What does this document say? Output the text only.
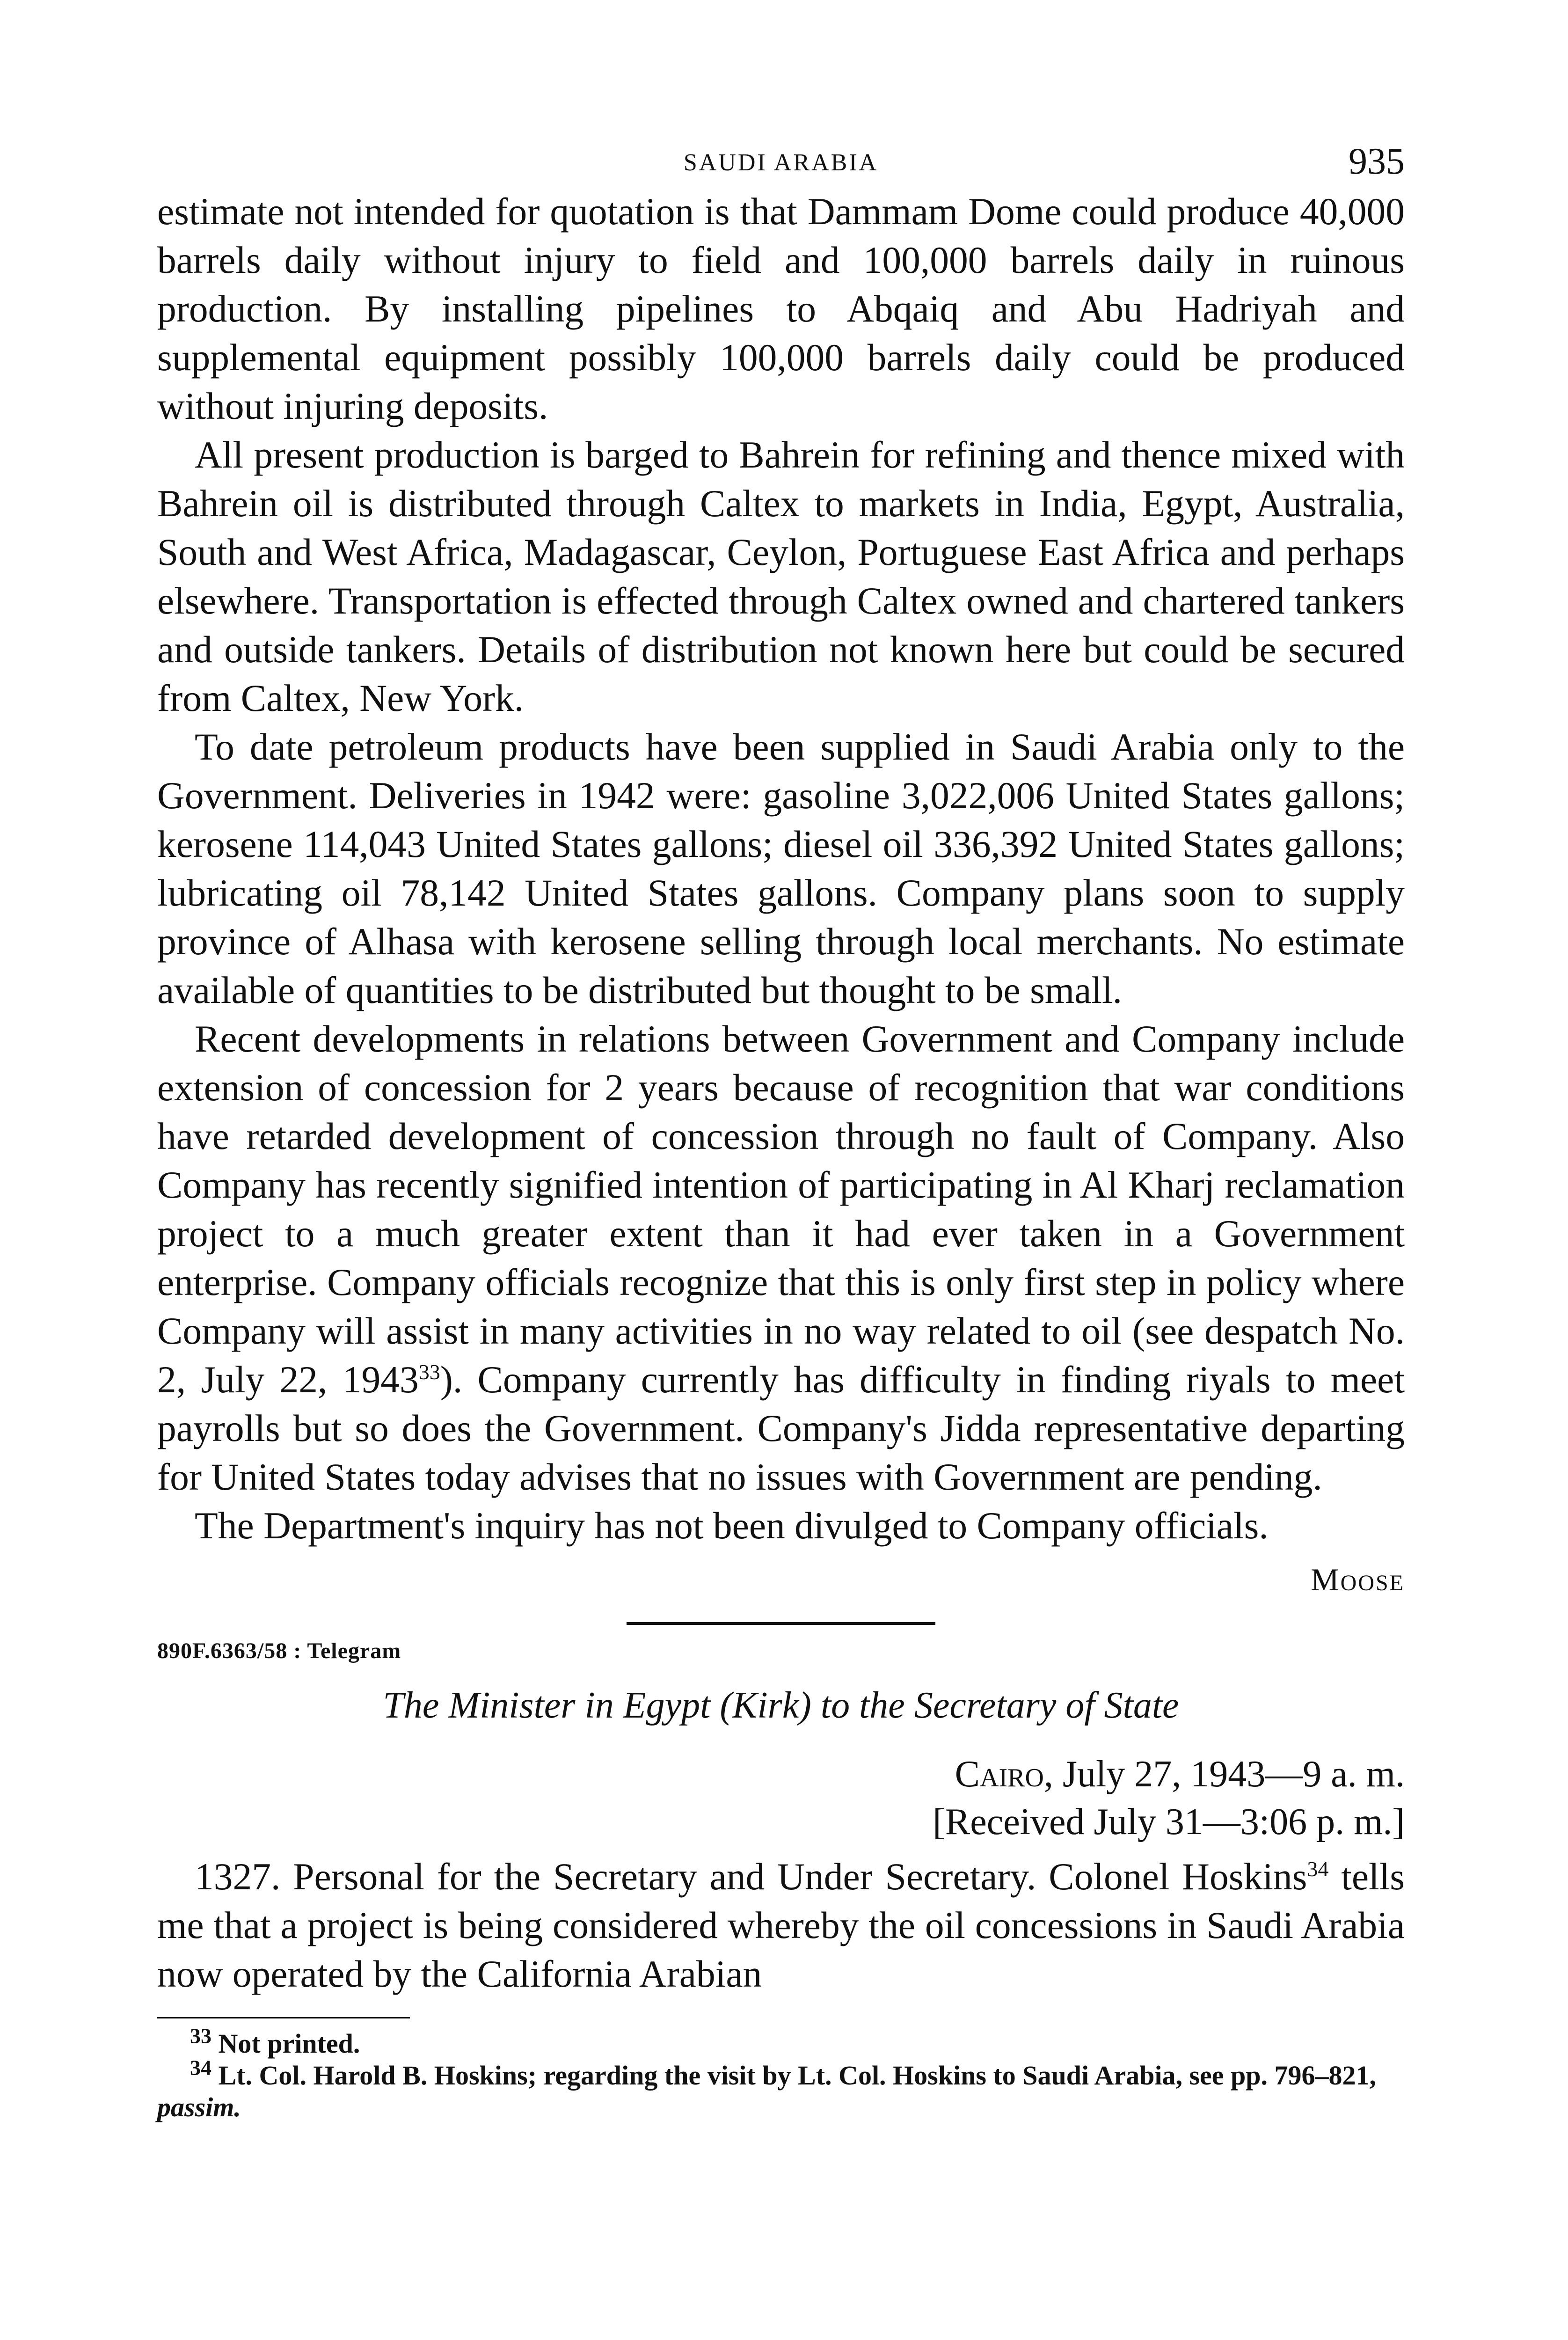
SAUDI ARABIA	935

estimate not intended for quotation is that Dammam Dome could produce 40,000 barrels daily without injury to field and 100,000 barrels daily in ruinous production. By installing pipelines to Abqaiq and Abu Hadriyah and supplemental equipment possibly 100,000 barrels daily could be produced without injuring deposits.

All present production is barged to Bahrein for refining and thence mixed with Bahrein oil is distributed through Caltex to markets in India, Egypt, Australia, South and West Africa, Madagascar, Ceylon, Portuguese East Africa and perhaps elsewhere. Transportation is effected through Caltex owned and chartered tankers and outside tankers. Details of distribution not known here but could be secured from Caltex, New York.

To date petroleum products have been supplied in Saudi Arabia only to the Government. Deliveries in 1942 were: gasoline 3,022,006 United States gallons; kerosene 114,043 United States gallons; diesel oil 336,392 United States gallons; lubricating oil 78,142 United States gallons. Company plans soon to supply province of Alhasa with kerosene selling through local merchants. No estimate available of quantities to be distributed but thought to be small.

Recent developments in relations between Government and Company include extension of concession for 2 years because of recognition that war conditions have retarded development of concession through no fault of Company. Also Company has recently signified intention of participating in Al Kharj reclamation project to a much greater extent than it had ever taken in a Government enterprise. Company officials recognize that this is only first step in policy where Company will assist in many activities in no way related to oil (see despatch No. 2, July 22, 1943$^{33}$). Company currently has difficulty in finding riyals to meet payrolls but so does the Government. Company's Jidda representative departing for United States today advises that no issues with Government are pending.

The Department's inquiry has not been divulged to Company officials.

Moose

890F.6363/58 : Telegram

The Minister in Egypt (Kirk) to the Secretary of State

Cairo, July 27, 1943—9 a. m.

[Received July 31—3:06 p. m.]

1327. Personal for the Secretary and Under Secretary. Colonel Hoskins$^{34}$ tells me that a project is being considered whereby the oil concessions in Saudi Arabia now operated by the California Arabian

$^{33}$ Not printed.

$^{34}$ Lt. Col. Harold B. Hoskins; regarding the visit by Lt. Col. Hoskins to Saudi Arabia, see pp. 796–821, passim.
